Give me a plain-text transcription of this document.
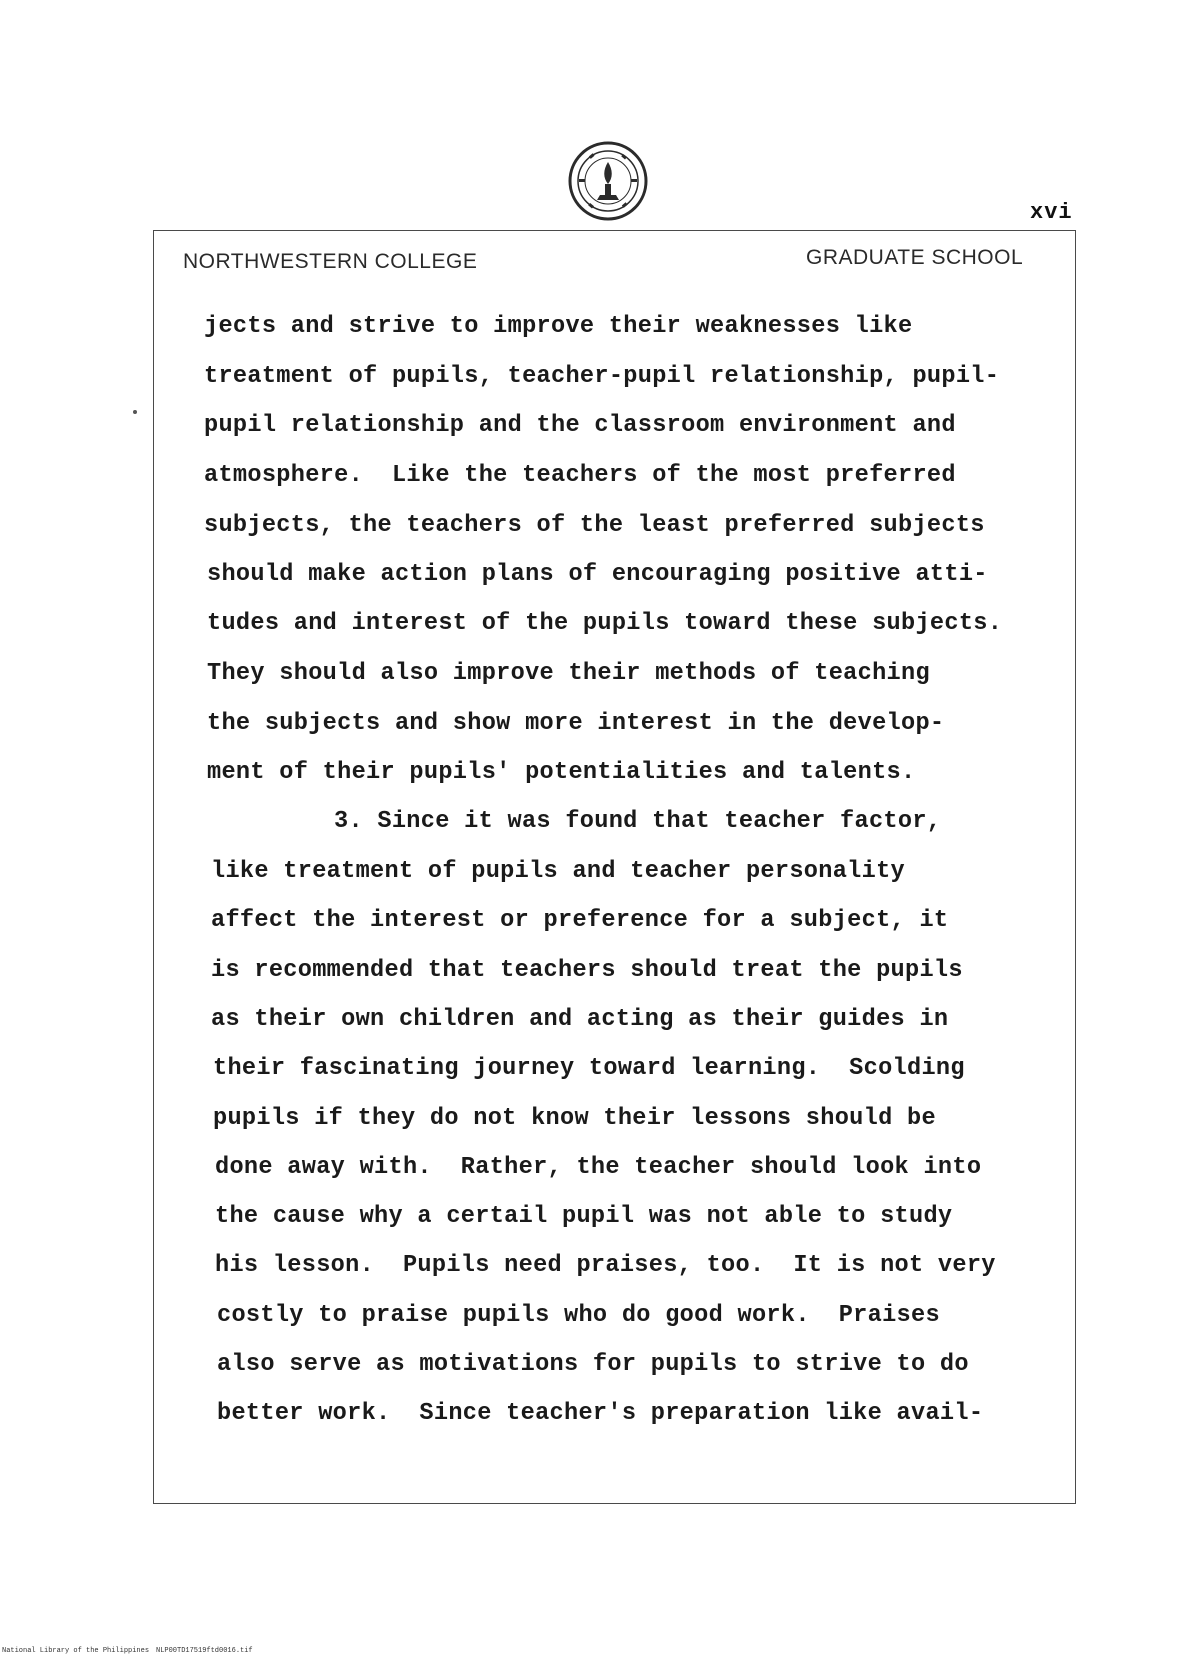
xvi
NORTHWESTERN COLLEGE	GRADUATE SCHOOL
jects and strive to improve their weaknesses like
treatment of pupils, teacher-pupil relationship, pupil-
pupil relationship and the classroom environment and
atmosphere.  Like the teachers of the most preferred
subjects, the teachers of the least preferred subjects
should make action plans of encouraging positive atti-
tudes and interest of the pupils toward these subjects.
They should also improve their methods of teaching
the subjects and show more interest in the develop-
ment of their pupils' potentialities and talents.
3. Since it was found that teacher factor,
like treatment of pupils and teacher personality
affect the interest or preference for a subject, it
is recommended that teachers should treat the pupils
as their own children and acting as their guides in
their fascinating journey toward learning.  Scolding
pupils if they do not know their lessons should be
done away with.  Rather, the teacher should look into
the cause why a certail pupil was not able to study
his lesson.  Pupils need praises, too.  It is not very
costly to praise pupils who do good work.  Praises
also serve as motivations for pupils to strive to do
better work.  Since teacher's preparation like avail-
National Library of the Philippines NLP00TD17519ftd0016.tif
